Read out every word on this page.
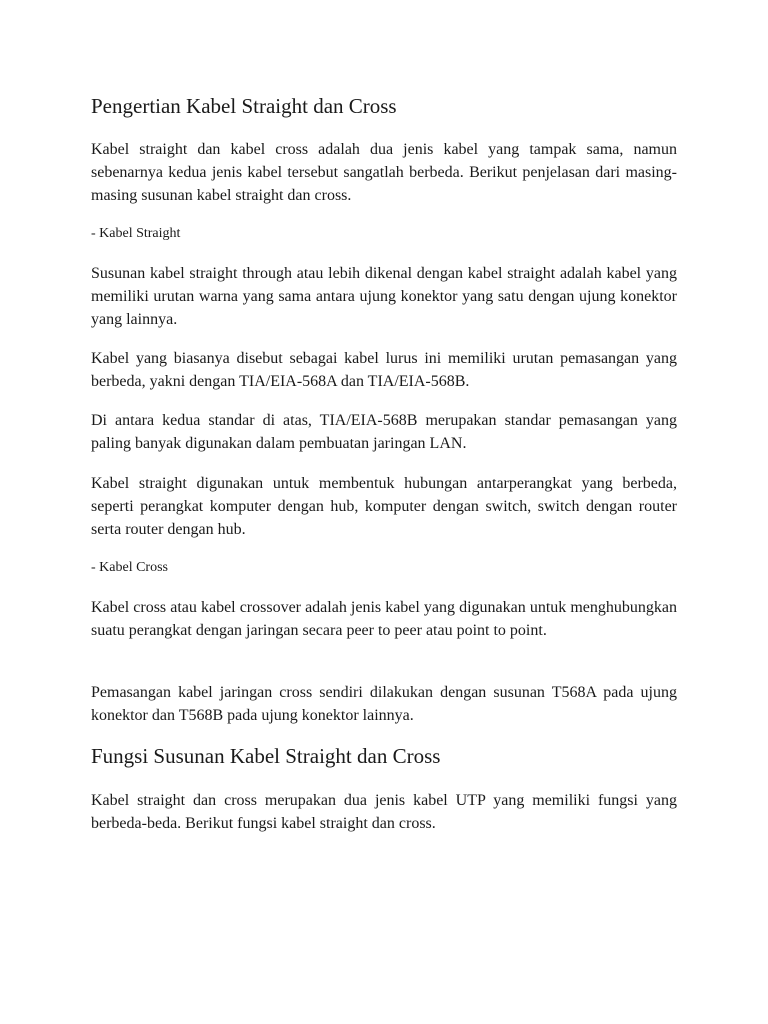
Pengertian Kabel Straight dan Cross

Kabel straight dan kabel cross adalah dua jenis kabel yang tampak sama, namun sebenarnya kedua jenis kabel tersebut sangatlah berbeda. Berikut penjelasan dari masing-masing susunan kabel straight dan cross.

- Kabel Straight

Susunan kabel straight through atau lebih dikenal dengan kabel straight adalah kabel yang memiliki urutan warna yang sama antara ujung konektor yang satu dengan ujung konektor yang lainnya.

Kabel yang biasanya disebut sebagai kabel lurus ini memiliki urutan pemasangan yang berbeda, yakni dengan TIA/EIA-568A dan TIA/EIA-568B.

Di antara kedua standar di atas, TIA/EIA-568B merupakan standar pemasangan yang paling banyak digunakan dalam pembuatan jaringan LAN.

Kabel straight digunakan untuk membentuk hubungan antarperangkat yang berbeda, seperti perangkat komputer dengan hub, komputer dengan switch, switch dengan router serta router dengan hub.

- Kabel Cross

Kabel cross atau kabel crossover adalah jenis kabel yang digunakan untuk menghubungkan suatu perangkat dengan jaringan secara peer to peer atau point to point.

Pemasangan kabel jaringan cross sendiri dilakukan dengan susunan T568A pada ujung konektor dan T568B pada ujung konektor lainnya.

Fungsi Susunan Kabel Straight dan Cross

Kabel straight dan cross merupakan dua jenis kabel UTP yang memiliki fungsi yang berbeda-beda. Berikut fungsi kabel straight dan cross.
